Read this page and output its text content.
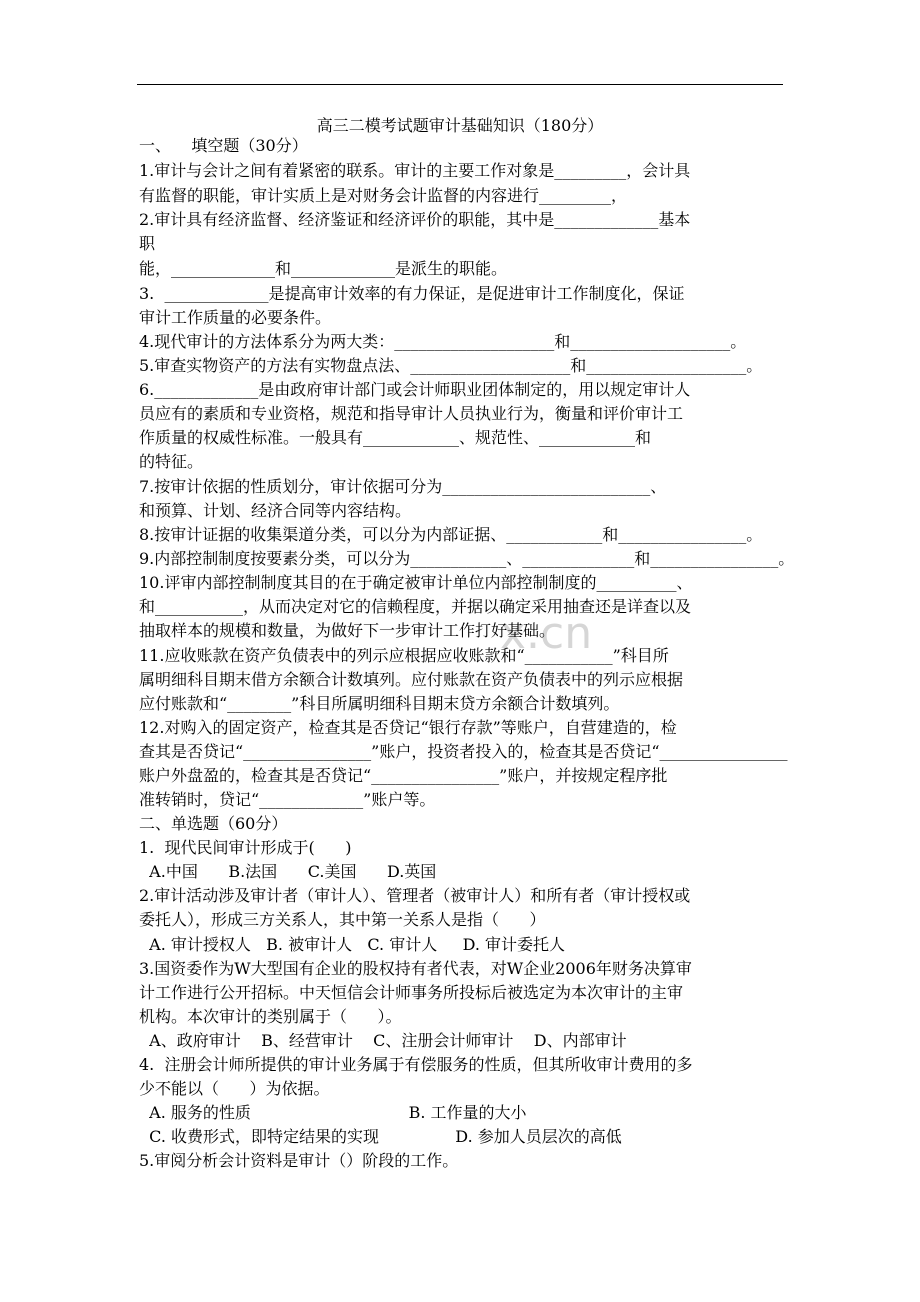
x.cn
高三二模考试题审计基础知识（180分）
一、    填空题（30分）
1.审计与会计之间有着紧密的联系。审计的主要工作对象是_________，会计具
有监督的职能，审计实质上是对财务会计监督的内容进行_________，
2.审计具有经济监督、经济鉴证和经济评价的职能，其中是_____________基本
职
能，_____________和_____________是派生的职能。
3.  _____________是提高审计效率的有力保证，是促进审计工作制度化，保证
审计工作质量的必要条件。
4.现代审计的方法体系分为两大类：____________________和____________________。
5.审查实物资产的方法有实物盘点法、____________________和____________________。
6._____________是由政府审计部门或会计师职业团体制定的，用以规定审计人
员应有的素质和专业资格，规范和指导审计人员执业行为，衡量和评价审计工
作质量的权威性标准。一般具有____________、规范性、____________和
的特征。
7.按审计依据的性质划分，审计依据可分为__________________________、
和预算、计划、经济合同等内容结构。
8.按审计证据的收集渠道分类，可以分为内部证据、____________和________________。
9.内部控制制度按要素分类，可以分为____________、______________和________________。
10.评审内部控制制度其目的在于确定被审计单位内部控制制度的__________、
和___________，从而决定对它的信赖程度，并据以确定采用抽查还是详查以及
抽取样本的规模和数量，为做好下一步审计工作打好基础。
11.应收账款在资产负债表中的列示应根据应收账款和“___________”科目所
属明细科目期末借方余额合计数填列。应付账款在资产负债表中的列示应根据
应付账款和“________”科目所属明细科目期末贷方余额合计数填列。
12.对购入的固定资产，检查其是否贷记“银行存款”等账户，自营建造的，检
查其是否贷记“________________”账户，投资者投入的，检查其是否贷记“________________
账户外盘盈的，检查其是否贷记“________________”账户，并按规定程序批
准转销时，贷记“_____________”账户等。
二、单选题（60分）
1.  现代民间审计形成于(      )
A.中国      B.法国      C.美国      D.英国
2.审计活动涉及审计者（审计人）、管理者（被审计人）和所有者（审计授权或
委托人），形成三方关系人，其中第一关系人是指（      ）
A. 审计授权人   B. 被审计人   C. 审计人     D. 审计委托人
3.国资委作为W大型国有企业的股权持有者代表，对W企业2006年财务决算审
计工作进行公开招标。中天恒信会计师事务所投标后被选定为本次审计的主审
机构。本次审计的类别属于（      ）。
A、政府审计    B、经营审计    C、注册会计师审计    D、内部审计
4.  注册会计师所提供的审计业务属于有偿服务的性质，但其所收审计费用的多
少不能以（      ）为依据。
A. 服务的性质                               B. 工作量的大小
C. 收费形式，即特定结果的实现               D. 参加人员层次的高低
5.审阅分析会计资料是审计（）阶段的工作。
